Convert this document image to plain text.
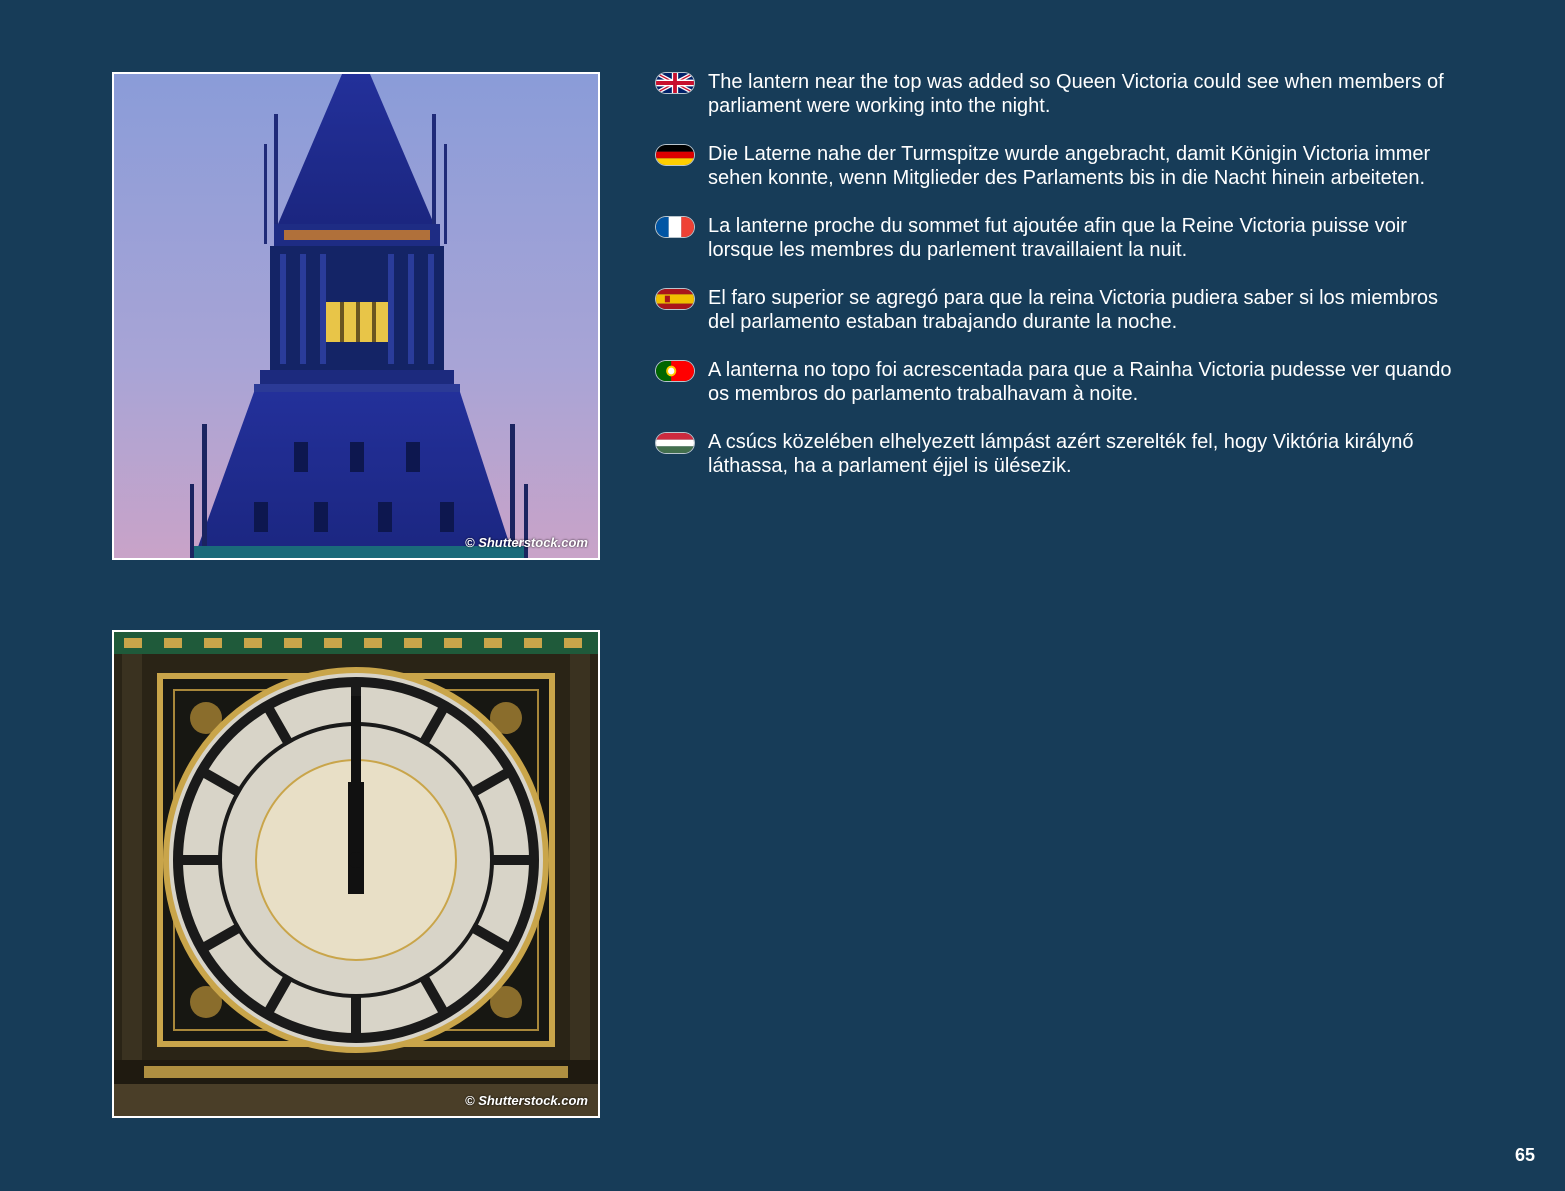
© Shutterstock.com
© Shutterstock.com
The lantern near the top was added so Queen Victoria could see when members of parliament were working into the night.
Die Laterne nahe der Turmspitze wurde angebracht, damit Königin Victoria immer sehen konnte, wenn Mitglieder des Parlaments bis in die Nacht hinein arbeiteten.
La lanterne proche du sommet fut ajoutée afin que la Reine Victoria puisse voir lorsque les membres du parlement travaillaient la nuit.
El faro superior se agregó para que la reina Victoria pudiera saber si los miembros del parlamento estaban trabajando durante la noche.
A lanterna no topo foi acrescentada para que a Rainha Victoria pudesse ver quando os membros do parlamento trabalhavam à noite.
A csúcs közelében elhelyezett lámpást azért szerelték fel, hogy Viktória királynő láthassa, ha a parlament éjjel is ülésezik.
65
